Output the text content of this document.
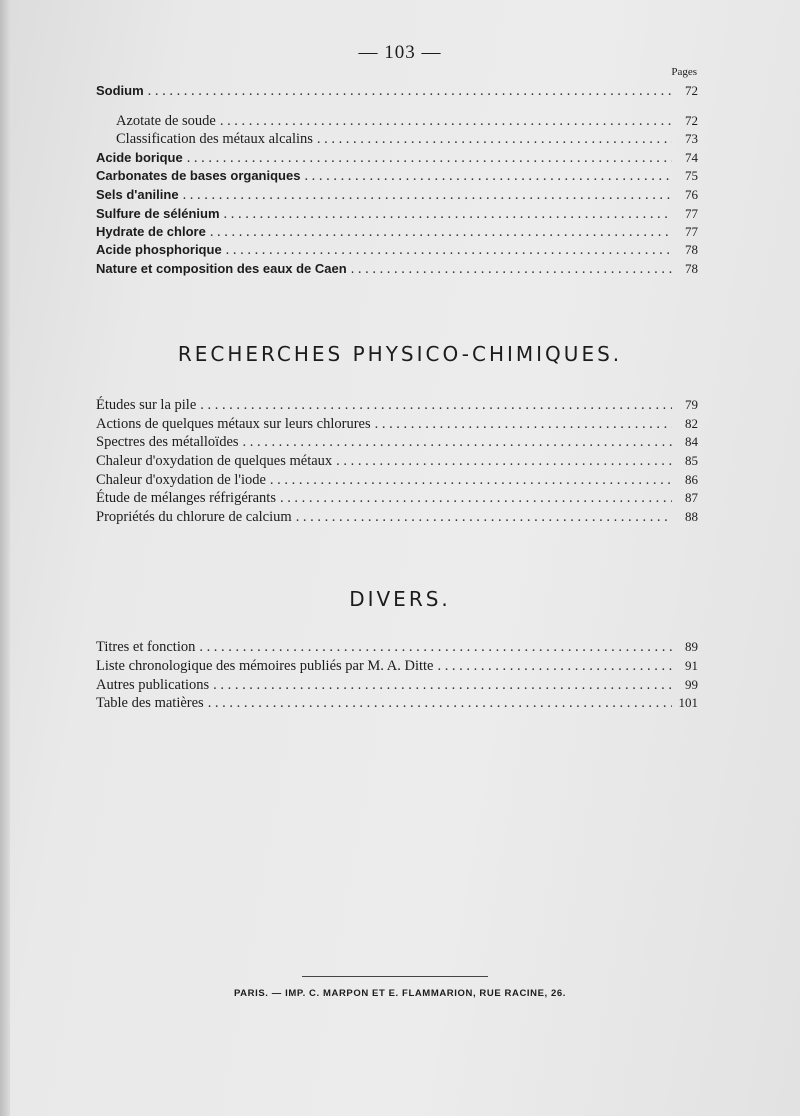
— 103 —
Pages
Sodium .....	72
Azotate de soude .....	72
Classification des métaux alcalins .....	73
Acide borique .....	74
Carbonates de bases organiques .....	75
Sels d'aniline .....	76
Sulfure de sélénium .....	77
Hydrate de chlore .....	77
Acide phosphorique .....	78
Nature et composition des eaux de Caen .....	78
RECHERCHES PHYSICO-CHIMIQUES.
Études sur la pile .....	79
Actions de quelques métaux sur leurs chlorures .....	82
Spectres des métalloïdes .....	84
Chaleur d'oxydation de quelques métaux .....	85
Chaleur d'oxydation de l'iode .....	86
Étude de mélanges réfrigérants .....	87
Propriétés du chlorure de calcium .....	88
DIVERS.
Titres et fonction .....	89
Liste chronologique des mémoires publiés par M. A. Ditte .....	91
Autres publications .....	99
Table des matières .....	101
PARIS. — IMP. C. MARPON ET E. FLAMMARION, RUE RACINE, 26.
